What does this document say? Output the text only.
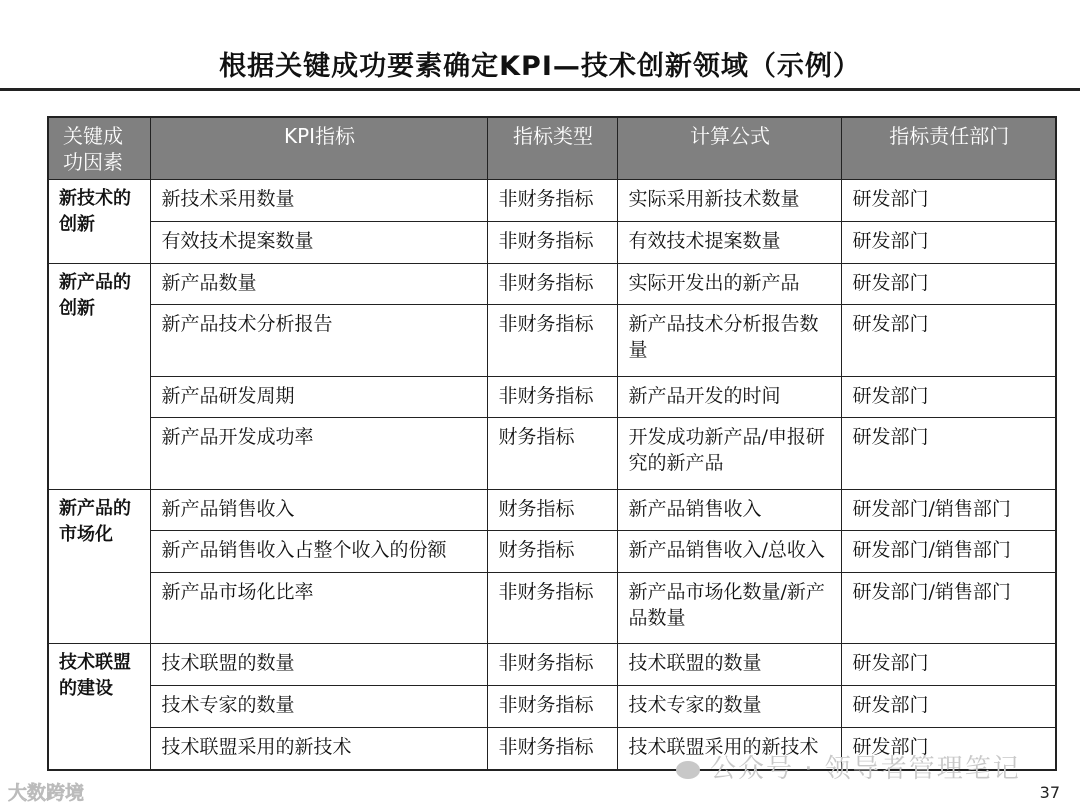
根据关键成功要素确定KPI—技术创新领域（示例）
关键成功因素	KPI指标	指标类型	计算公式	指标责任部门
新技术的创新	新技术采用数量	非财务指标	实际采用新技术数量	研发部门
	有效技术提案数量	非财务指标	有效技术提案数量	研发部门
新产品的创新	新产品数量	非财务指标	实际开发出的新产品	研发部门
	新产品技术分析报告	非财务指标	新产品技术分析报告数量	研发部门
	新产品研发周期	非财务指标	新产品开发的时间	研发部门
	新产品开发成功率	财务指标	开发成功新产品/申报研究的新产品	研发部门
新产品的市场化	新产品销售收入	财务指标	新产品销售收入	研发部门/销售部门
	新产品销售收入占整个收入的份额	财务指标	新产品销售收入/总收入	研发部门/销售部门
	新产品市场化比率	非财务指标	新产品市场化数量/新产品数量	研发部门/销售部门
技术联盟的建设	技术联盟的数量	非财务指标	技术联盟的数量	研发部门
	技术专家的数量	非财务指标	技术专家的数量	研发部门
	技术联盟采用的新技术	非财务指标	技术联盟采用的新技术	研发部门
大数跨境
公众号 · 领导者管理笔记
37
